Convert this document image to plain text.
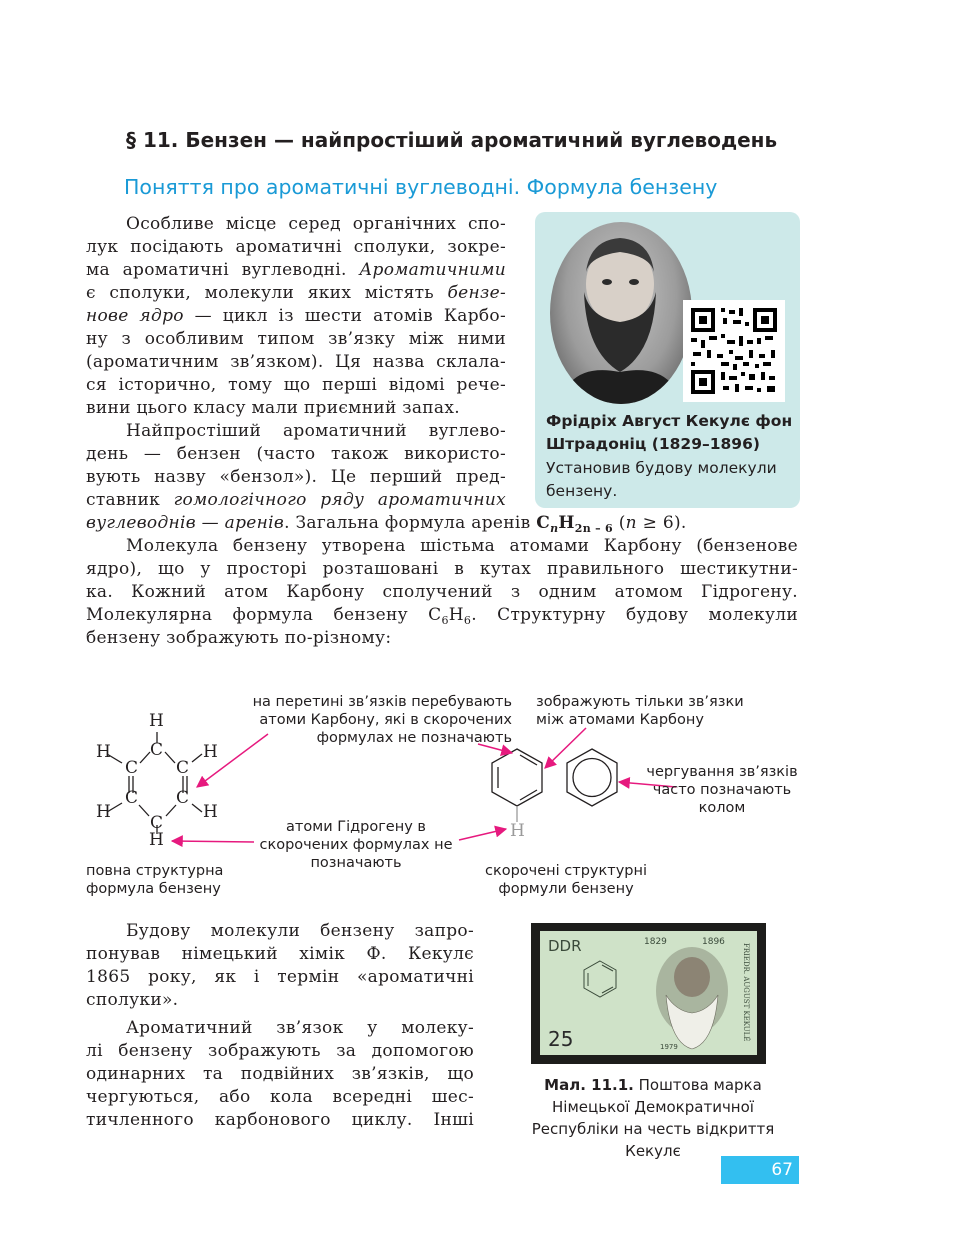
§ 11. Бензен — найпростіший ароматичний вуглеводень
Поняття про ароматичні вуглеводні. Формула бензену
Особливе місце серед органічних спо-
лук посідають ароматичні сполуки, зокре-
ма ароматичні вуглеводні. Ароматичними
є сполуки, молекули яких містять бензе-
нове ядро — цикл із шести атомів Карбо-
ну з особливим типом зв’язку між ними
(ароматичним зв’язком). Ця назва склала-
ся історично, тому що перші відомі рече-
вини цього класу мали приємний запах.
Найпростіший ароматичний вуглево-
день — бензен (часто також використо-
вують назву «бензол»). Це перший пред-
ставник гомологічного ряду ароматичних
вуглеводнів — аренів. Загальна формула аренів $C_nH_{2n - 6}$ (n ≥ 6).
Молекула бензену утворена шістьма атомами Карбону (бензенове
ядро), що у просторі розташовані в кутах правильного шестикутни-
ка. Кожний атом Карбону сполучений з одним атомом Гідрогену.
Молекулярна формула бензену $C_6H_6$. Структурну будову молекули
бензену зображують по-різному:
Фрідріх Август Кекулє фон Штрадоніц (1829–1896)
Установив будову молекули бензену.
H
C
H
C C
H
C C
H	H
C
H	H
на перетині зв’язків перебувають атоми Карбону, які в скорочених формулах не позначають
зображують тільки зв’язки між атомами Карбону
чергування зв’язків часто позначають колом
атоми Гідрогену в скорочених формулах не позначають
повна структурна формула бензену
скорочені структурні формули бензену
Будову молекули бензену запро-
понував німецький хімік Ф. Кекулє
1865 року, як і термін «ароматичні
сполуки».
Ароматичний зв’язок у молеку-
лі бензену зображують за допомогою
одинарних та подвійних зв’язків, що
чергуються, або кола всередні шес-
тичленного карбонового циклу. Інші
DDR
25
1829	1896
1979
FRIEDR. AUGUST KEKULÉ
Мал. 11.1. Поштова марка Німецької Демократичної Республіки на честь відкриття Кекулє
67
